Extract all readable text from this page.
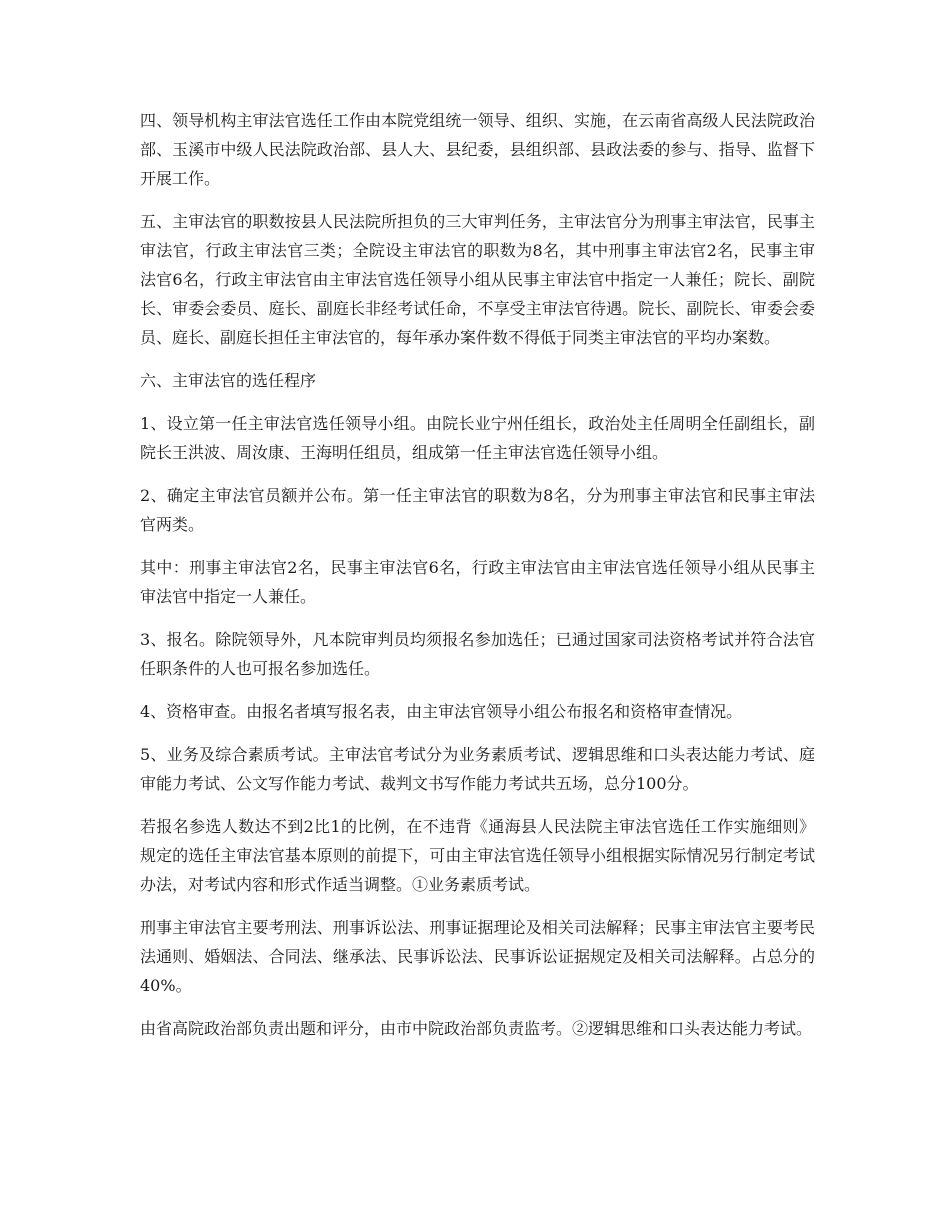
四、领导机构主审法官选任工作由本院党组统一领导、组织、实施，在云南省高级人民法院政治部、玉溪市中级人民法院政治部、县人大、县纪委，县组织部、县政法委的参与、指导、监督下开展工作。

五、主审法官的职数按县人民法院所担负的三大审判任务，主审法官分为刑事主审法官，民事主审法官，行政主审法官三类；全院设主审法官的职数为8名，其中刑事主审法官2名，民事主审法官6名，行政主审法官由主审法官选任领导小组从民事主审法官中指定一人兼任；院长、副院长、审委会委员、庭长、副庭长非经考试任命，不享受主审法官待遇。院长、副院长、审委会委员、庭长、副庭长担任主审法官的，每年承办案件数不得低于同类主审法官的平均办案数。

六、主审法官的选任程序

1、设立第一任主审法官选任领导小组。由院长业宁州任组长，政治处主任周明全任副组长，副院长王洪波、周汝康、王海明任组员，组成第一任主审法官选任领导小组。

2、确定主审法官员额并公布。第一任主审法官的职数为8名，分为刑事主审法官和民事主审法官两类。

其中：刑事主审法官2名，民事主审法官6名，行政主审法官由主审法官选任领导小组从民事主审法官中指定一人兼任。

3、报名。除院领导外，凡本院审判员均须报名参加选任；已通过国家司法资格考试并符合法官任职条件的人也可报名参加选任。

4、资格审查。由报名者填写报名表，由主审法官领导小组公布报名和资格审查情况。

5、业务及综合素质考试。主审法官考试分为业务素质考试、逻辑思维和口头表达能力考试、庭审能力考试、公文写作能力考试、裁判文书写作能力考试共五场，总分100分。

若报名参选人数达不到2比1的比例，在不违背《通海县人民法院主审法官选任工作实施细则》规定的选任主审法官基本原则的前提下，可由主审法官选任领导小组根据实际情况另行制定考试办法，对考试内容和形式作适当调整。①业务素质考试。

刑事主审法官主要考刑法、刑事诉讼法、刑事证据理论及相关司法解释；民事主审法官主要考民法通则、婚姻法、合同法、继承法、民事诉讼法、民事诉讼证据规定及相关司法解释。占总分的40%。

由省高院政治部负责出题和评分，由市中院政治部负责监考。②逻辑思维和口头表达能力考试。
